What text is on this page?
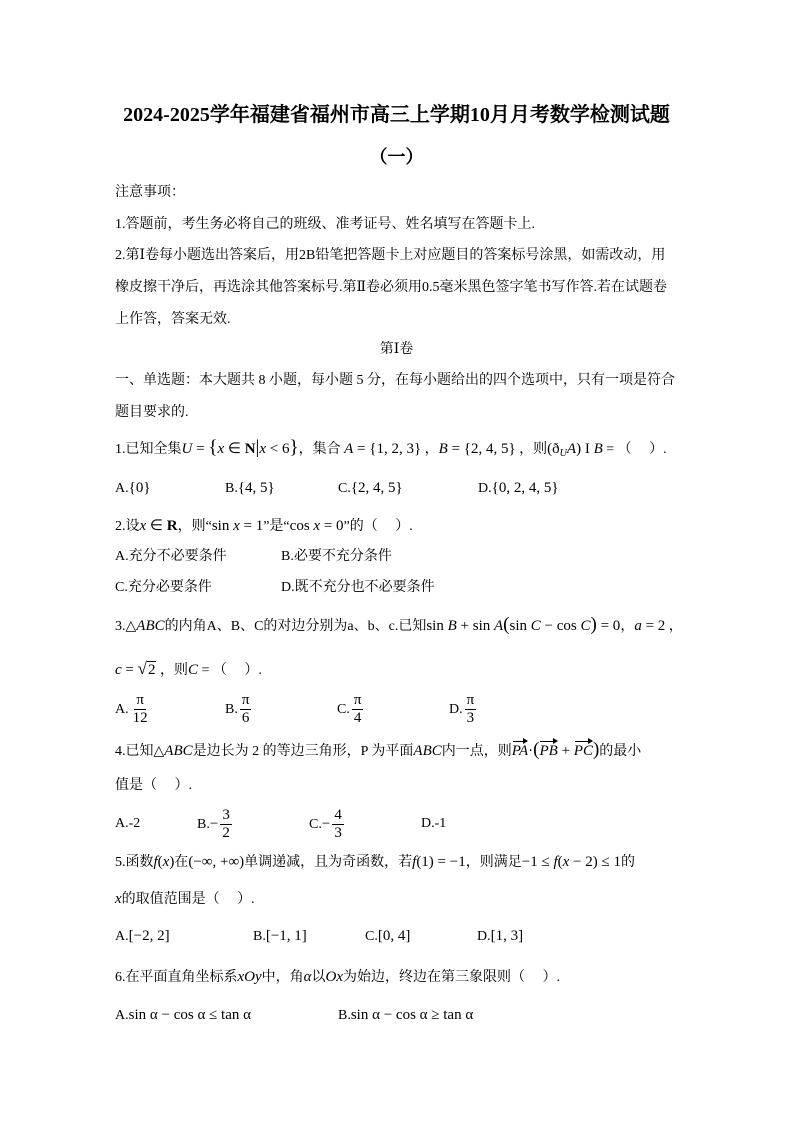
2024-2025学年福建省福州市高三上学期10月月考数学检测试题
（一）
注意事项：
1.答题前，考生务必将自己的班级、准考证号、姓名填写在答题卡上.
2.第Ⅰ卷每小题选出答案后，用2B铅笔把答题卡上对应题目的答案标号涂黑，如需改动，用
橡皮擦干净后，再选涂其他答案标号.第Ⅱ卷必须用0.5毫米黑色签字笔书写作答.若在试题卷
上作答，答案无效.
第Ⅰ卷
一、单选题：本大题共 8 小题，每小题 5 分，在每小题给出的四个选项中，只有一项是符合
题目要求的.
1.已知全集U = {x ∈ N|x < 6}，集合 A = {1, 2, 3} ，B = {2, 4, 5} ，则$(ð_UA)$ I B = （　 ）.
A.{0}	B.{4, 5}	C.{2, 4, 5}	D.{0, 2, 4, 5}
2.设x ∈ R，则“sin x = 1”是“cos x = 0”的（　 ）.
A.充分不必要条件	B.必要不充分条件
C.充分必要条件	D.既不充分也不必要条件
3.△ABC的内角A、B、C的对边分别为a、b、c.已知sin B + sin A(sin C − cos C) = 0，a = 2 ，
c = √2 ，则C = （　 ）.
A. $\frac{\pi}{12}$	B. $\frac{\pi}{6}$	C. $\frac{\pi}{4}$	D. $\frac{\pi}{3}$
4.已知△ABC是边长为 2 的等边三角形，P 为平面ABC内一点，则PA·(PB + PC)的最小
值是（　 ）.
A.-2	$B.- \frac{3}{2}$	$C.- \frac{4}{3}$	D.-1
5.函数f(x)在(−∞, +∞)单调递减，且为奇函数，若f(1) = −1，则满足−1 ≤ f(x − 2) ≤ 1的
x的取值范围是（　 ）.
A.[−2, 2]	B.[−1, 1]	C.[0, 4]	D.[1, 3]
6.在平面直角坐标系xOy中，角α以Ox为始边，终边在第三象限则（　 ）.
A.sin α − cos α ≤ tan α	B.sin α − cos α ≥ tan α
